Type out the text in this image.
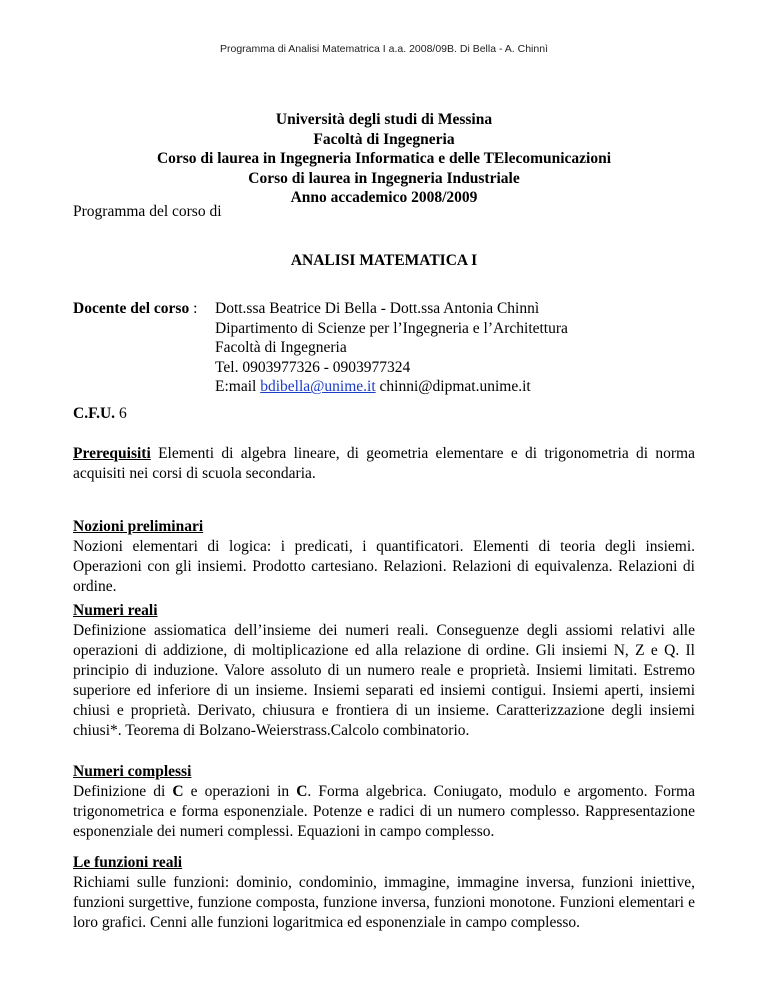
Programma di Analisi Matematrica I a.a. 2008/09B. Di Bella - A. Chinnì
Università degli studi di Messina
Facoltà di Ingegneria
Corso di laurea in Ingegneria Informatica e delle TElecomunicazioni
Corso di laurea in Ingegneria Industriale
Anno accademico 2008/2009
Programma del corso di
ANALISI MATEMATICA I
Docente del corso : Dott.ssa Beatrice Di Bella - Dott.ssa Antonia Chinnì
Dipartimento di Scienze per l’Ingegneria e l’Architettura
Facoltà di Ingegneria
Tel. 0903977326 - 0903977324
E:mail bdibella@unime.it chinni@dipmat.unime.it
C.F.U. 6
Prerequisiti Elementi di algebra lineare, di geometria elementare e di trigonometria di norma
acquisiti nei corsi di scuola secondaria.
Nozioni preliminari
Nozioni elementari di logica: i predicati, i quantificatori. Elementi di teoria degli insiemi.
Operazioni con gli insiemi. Prodotto cartesiano. Relazioni. Relazioni di equivalenza. Relazioni di
ordine.
Numeri reali
Definizione assiomatica dell’insieme dei numeri reali. Conseguenze degli assiomi relativi alle
operazioni di addizione, di moltiplicazione ed alla relazione di ordine. Gli insiemi N, Z e Q. Il
principio di induzione. Valore assoluto di un numero reale e proprietà. Insiemi limitati. Estremo
superiore ed inferiore di un insieme. Insiemi separati ed insiemi contigui. Insiemi aperti, insiemi
chiusi e proprietà. Derivato, chiusura e frontiera di un insieme. Caratterizzazione degli insiemi
chiusi*. Teorema di Bolzano-Weierstrass.Calcolo combinatorio.
Numeri complessi
Definizione di C e operazioni in C. Forma algebrica. Coniugato, modulo e argomento. Forma
trigonometrica e forma esponenziale. Potenze e radici di un numero complesso. Rappresentazione
esponenziale dei numeri complessi. Equazioni in campo complesso.
Le funzioni reali
Richiami sulle funzioni: dominio, condominio, immagine, immagine inversa, funzioni iniettive,
funzioni surgettive, funzione composta, funzione inversa, funzioni monotone. Funzioni elementari e
loro grafici. Cenni alle funzioni logaritmica ed esponenziale in campo complesso.
